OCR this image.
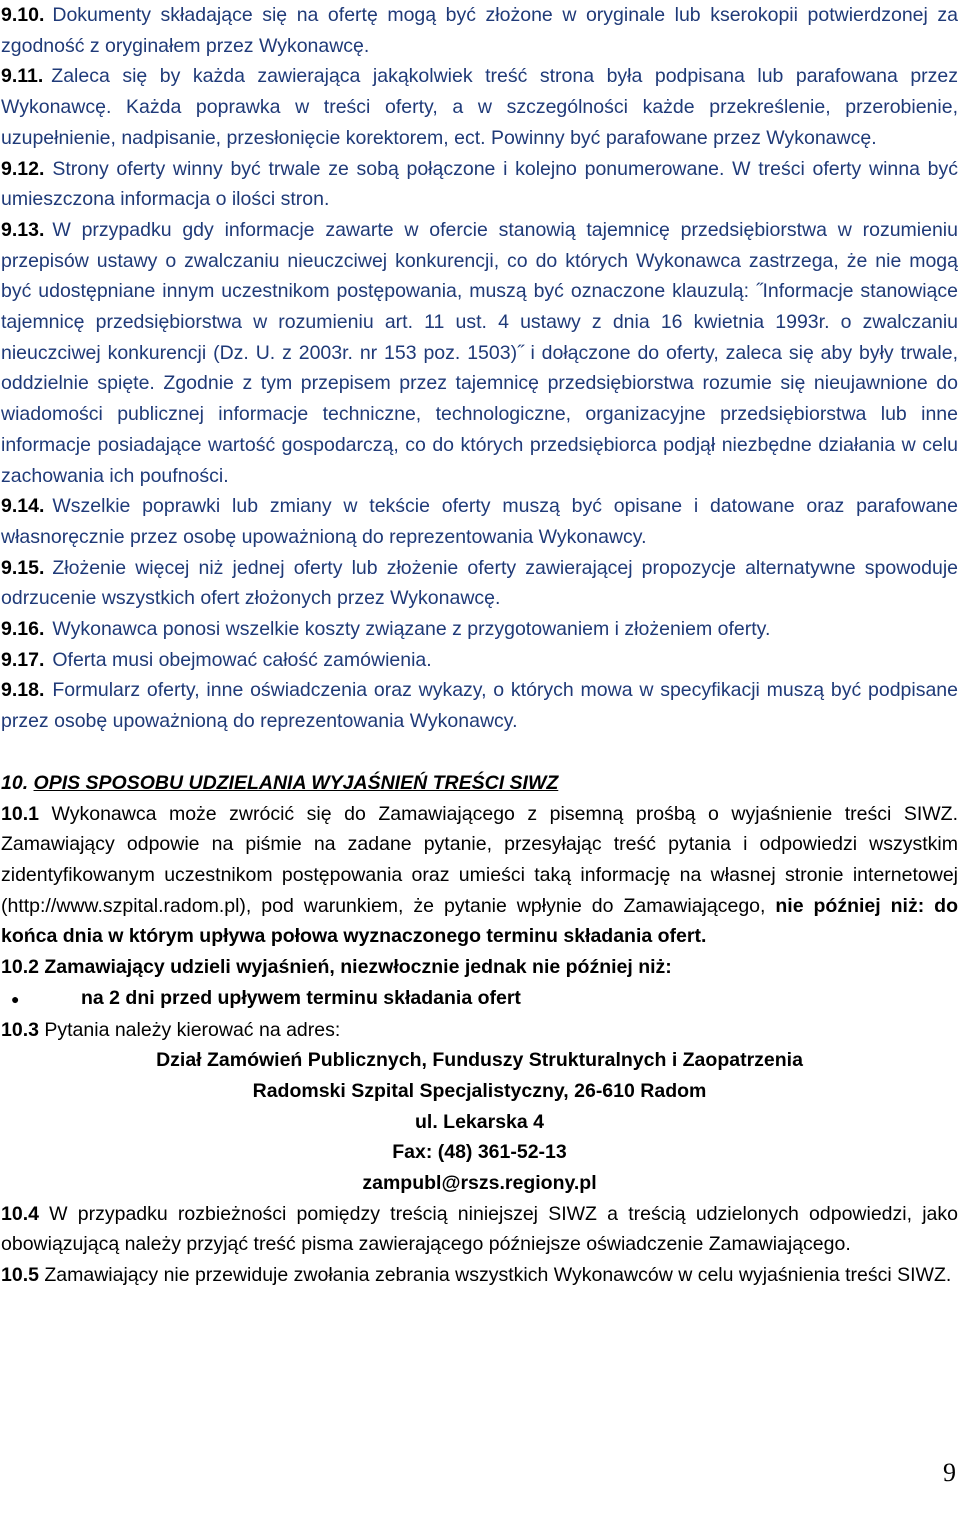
9.10. Dokumenty składające się na ofertę mogą być złożone w oryginale lub kserokopii potwierdzonej za zgodność z oryginałem przez Wykonawcę.

9.11. Zaleca się by każda zawierająca jakąkolwiek treść strona była podpisana lub parafowana przez Wykonawcę. Każda poprawka w treści oferty, a w szczególności każde przekreślenie, przerobienie, uzupełnienie, nadpisanie, przesłonięcie korektorem, ect. Powinny być parafowane przez Wykonawcę.

9.12. Strony oferty winny być trwale ze sobą połączone i kolejno ponumerowane. W treści oferty winna być umieszczona informacja o ilości stron.

9.13. W przypadku gdy informacje zawarte w ofercie stanowią tajemnicę przedsiębiorstwa w rozumieniu przepisów ustawy o zwalczaniu nieuczciwej konkurencji, co do których Wykonawca zastrzega, że nie mogą być udostępniane innym uczestnikom postępowania, muszą być oznaczone klauzulą: ˝Informacje stanowiące tajemnicę przedsiębiorstwa w rozumieniu art. 11 ust. 4 ustawy z dnia 16 kwietnia 1993r. o zwalczaniu nieuczciwej konkurencji (Dz. U. z 2003r. nr 153 poz. 1503)˝ i dołączone do oferty, zaleca się aby były trwale, oddzielnie spięte. Zgodnie z tym przepisem przez tajemnicę przedsiębiorstwa rozumie się nieujawnione do wiadomości publicznej informacje techniczne, technologiczne, organizacyjne przedsiębiorstwa lub inne informacje posiadające wartość gospodarczą, co do których przedsiębiorca podjął niezbędne działania w celu zachowania ich poufności.

9.14. Wszelkie poprawki lub zmiany w tekście oferty muszą być opisane i datowane oraz parafowane własnoręcznie przez osobę upoważnioną do reprezentowania Wykonawcy.

9.15. Złożenie więcej niż jednej oferty lub złożenie oferty zawierającej propozycje alternatywne spowoduje odrzucenie wszystkich ofert złożonych przez Wykonawcę.

9.16. Wykonawca ponosi wszelkie koszty związane z przygotowaniem i złożeniem oferty.

9.17. Oferta musi obejmować całość zamówienia.

9.18. Formularz oferty, inne oświadczenia oraz wykazy, o których mowa w specyfikacji muszą być podpisane przez osobę upoważnioną do reprezentowania Wykonawcy.

10. OPIS SPOSOBU UDZIELANIA WYJAŚNIEŃ TREŚCI SIWZ

10.1 Wykonawca może zwrócić się do Zamawiającego z pisemną prośbą o wyjaśnienie treści SIWZ. Zamawiający odpowie na piśmie na zadane pytanie, przesyłając treść pytania i odpowiedzi wszystkim zidentyfikowanym uczestnikom postępowania oraz umieści taką informację na własnej stronie internetowej (http://www.szpital.radom.pl), pod warunkiem, że pytanie wpłynie do Zamawiającego, nie później niż: do końca dnia w którym upływa połowa wyznaczonego terminu składania ofert.

10.2 Zamawiający udzieli wyjaśnień, niezwłocznie jednak nie później niż:

●	na 2 dni przed upływem terminu składania ofert

10.3 Pytania należy kierować na adres:

Dział Zamówień Publicznych, Funduszy Strukturalnych i Zaopatrzenia

Radomski Szpital Specjalistyczny, 26-610 Radom

ul. Lekarska 4

Fax: (48) 361-52-13

zampubl@rszs.regiony.pl

10.4 W przypadku rozbieżności pomiędzy treścią niniejszej SIWZ a treścią udzielonych odpowiedzi, jako obowiązującą należy przyjąć treść pisma zawierającego późniejsze oświadczenie Zamawiającego.

10.5 Zamawiający nie przewiduje zwołania zebrania wszystkich Wykonawców w celu wyjaśnienia treści SIWZ.

9
